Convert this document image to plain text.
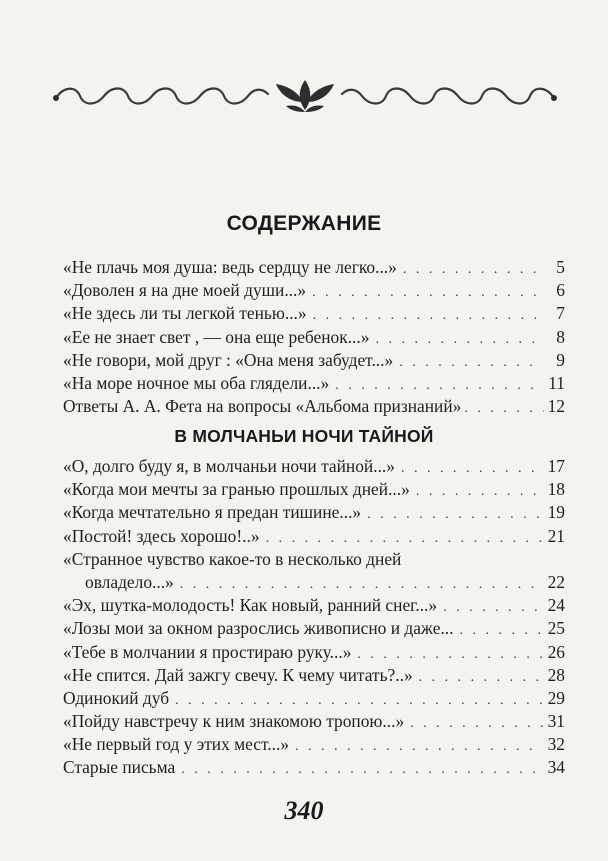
СОДЕРЖАНИЕ
«Не плачь моя душа: ведь сердцу не легко...» . . .	5
«Доволен я на дне моей души...» . . .	6
«Не здесь ли ты легкой тенью...» . . .	7
«Ее не знает свет , — она еще ребенок...» . . .	8
«Не говори, мой друг : «Она меня забудет...» . . .	9
«На море ночное мы оба глядели...» . . .	11
Ответы А. А. Фета на вопросы «Альбома признаний» . . .	12
В МОЛЧАНЬИ НОЧИ ТАЙНОЙ
«О, долго буду я, в молчаньи ночи тайной...» . . .	17
«Когда мои мечты за гранью прошлых дней...» . . .	18
«Когда мечтательно я предан тишине...» . . .	19
«Постой! здесь хорошо!..» . . .	21
«Странное чувство какое-то в несколько дней
овладело...» . . .	22
«Эх, шутка-молодость! Как новый, ранний снег...» . . .	24
«Лозы мои за окном разрослись живописно и даже... . . .	25
«Тебе в молчании я простираю руку...» . . .	26
«Не спится. Дай зажгу свечу. К чему читать?..» . . .	28
Одинокий дуб . . .	29
«Пойду навстречу к ним знакомою тропою...» . . .	31
«Не первый год у этих мест...» . . .	32
Старые письма . . .	34
340
